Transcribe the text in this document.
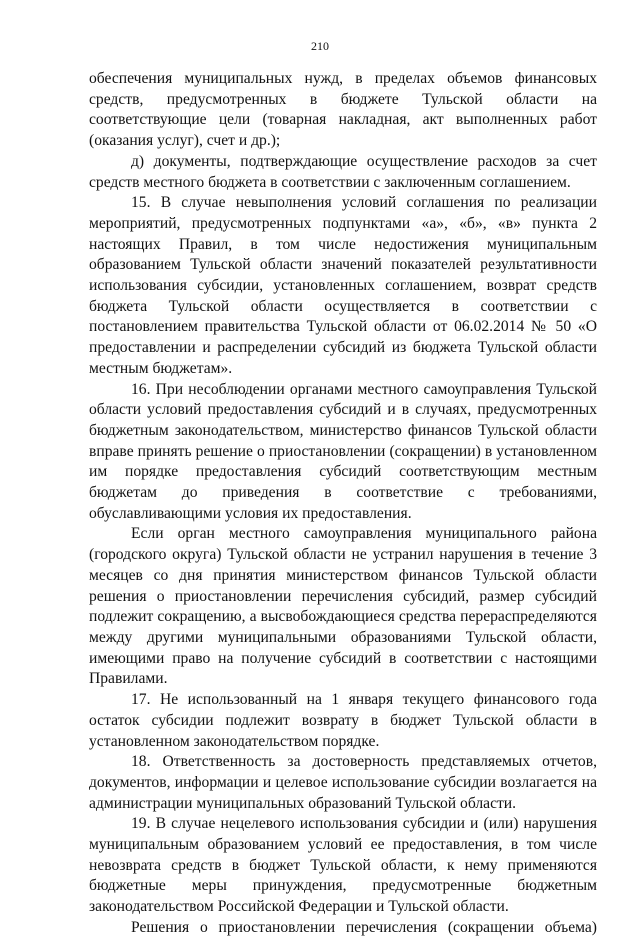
210

обеспечения муниципальных нужд, в пределах объемов финансовых средств, предусмотренных в бюджете Тульской области на соответствующие цели (товарная накладная, акт выполненных работ (оказания услуг), счет и др.);

д) документы, подтверждающие осуществление расходов за счет средств местного бюджета в соответствии с заключенным соглашением.

15. В случае невыполнения условий соглашения по реализации мероприятий, предусмотренных подпунктами «а», «б», «в» пункта 2 настоящих Правил, в том числе недостижения муниципальным образованием Тульской области значений показателей результативности использования субсидии, установленных соглашением, возврат средств бюджета Тульской области осуществляется в соответствии с постановлением правительства Тульской области от 06.02.2014 № 50 «О предоставлении и распределении субсидий из бюджета Тульской области местным бюджетам».

16. При несоблюдении органами местного самоуправления Тульской области условий предоставления субсидий и в случаях, предусмотренных бюджетным законодательством, министерство финансов Тульской области вправе принять решение о приостановлении (сокращении) в установленном им порядке предоставления субсидий соответствующим местным бюджетам до приведения в соответствие с требованиями, обуславливающими условия их предоставления.

Если орган местного самоуправления муниципального района (городского округа) Тульской области не устранил нарушения в течение 3 месяцев со дня принятия министерством финансов Тульской области решения о приостановлении перечисления субсидий, размер субсидий подлежит сокращению, а высвобождающиеся средства перераспределяются между другими муниципальными образованиями Тульской области, имеющими право на получение субсидий в соответствии с настоящими Правилами.

17. Не использованный на 1 января текущего финансового года остаток субсидии подлежит возврату в бюджет Тульской области в установленном законодательством порядке.

18. Ответственность за достоверность представляемых отчетов, документов, информации и целевое использование субсидии возлагается на администрации муниципальных образований Тульской области.

19. В случае нецелевого использования субсидии и (или) нарушения муниципальным образованием условий ее предоставления, в том числе невозврата средств в бюджет Тульской области, к нему применяются бюджетные меры принуждения, предусмотренные бюджетным законодательством Российской Федерации и Тульской области.

Решения о приостановлении перечисления (сокращении объема)
